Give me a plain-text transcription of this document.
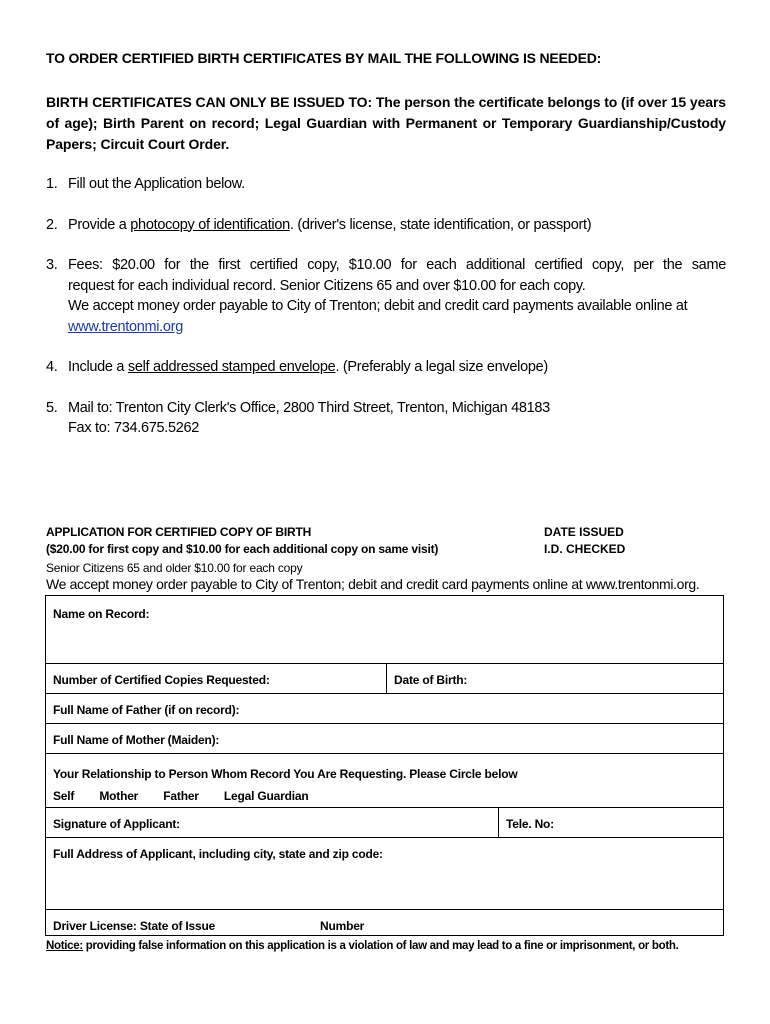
TO ORDER CERTIFIED BIRTH CERTIFICATES BY MAIL THE FOLLOWING IS NEEDED:
BIRTH CERTIFICATES CAN ONLY BE ISSUED TO: The person the certificate belongs to (if over 15 years of age); Birth Parent on record; Legal Guardian with Permanent or Temporary Guardianship/Custody Papers; Circuit Court Order.
1. Fill out the Application below.
2. Provide a photocopy of identification. (driver's license, state identification, or passport)
3. Fees: $20.00 for the first certified copy, $10.00 for each additional certified copy, per the same
request for each individual record. Senior Citizens 65 and over $10.00 for each copy.
We accept money order payable to City of Trenton; debit and credit card payments available online at
www.trentonmi.org
4. Include a self addressed stamped envelope. (Preferably a legal size envelope)
5. Mail to: Trenton City Clerk's Office, 2800 Third Street, Trenton, Michigan 48183
Fax to: 734.675.5262
APPLICATION FOR CERTIFIED COPY OF BIRTH
($20.00 for first copy and $10.00 for each additional copy on same visit)
Senior Citizens 65 and older $10.00 for each copy
We accept money order payable to City of Trenton; debit and credit card payments online at www.trentonmi.org.
DATE ISSUED
I.D. CHECKED
Name on Record:
Number of Certified Copies Requested:	Date of Birth:
Full Name of Father (if on record):
Full Name of Mother (Maiden):
Your Relationship to Person Whom Record You Are Requesting. Please Circle below
Self Mother Father Legal Guardian
Signature of Applicant:	Tele. No:
Full Address of Applicant, including city, state and zip code:
Driver License: State of Issue	Number
Notice: providing false information on this application is a violation of law and may lead to a fine or imprisonment, or both.
